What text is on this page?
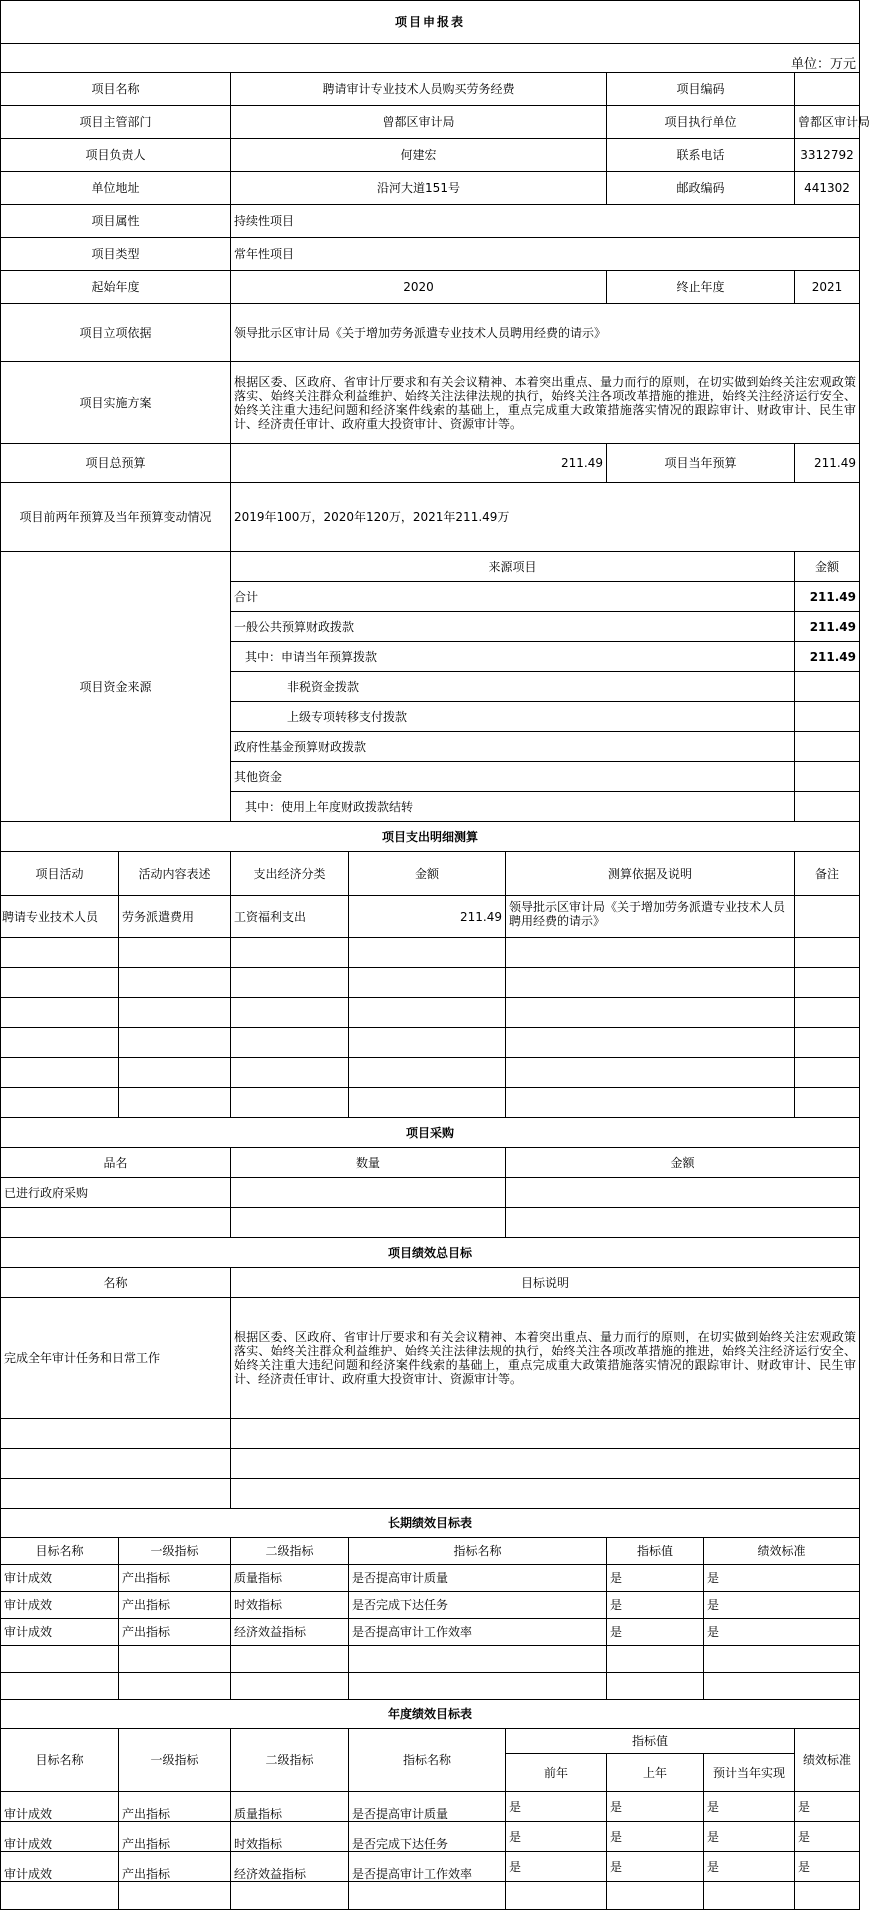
项目申报表							
单位：万元							
项目名称		聘请审计专业技术人员购买劳务经费			项目编码		
项目主管部门		曾都区审计局			项目执行单位		曾都区审计局
项目负责人		何建宏			联系电话		3312792
单位地址		沿河大道151号			邮政编码		441302
项目属性		持续性项目					
项目类型		常年性项目					
起始年度		2020			终止年度		2021
项目立项依据		领导批示区审计局《关于增加劳务派遣专业技术人员聘用经费的请示》					
项目实施方案		根据区委、区政府、省审计厅要求和有关会议精神、本着突出重点、量力而行的原则，在切实做到始终关注宏观政策落实、始终关注群众利益维护、始终关注法律法规的执行，始终关注各项改革措施的推进，始终关注经济运行安全、始终关注重大违纪问题和经济案件线索的基础上，重点完成重大政策措施落实情况的跟踪审计、财政审计、民生审计、经济责任审计、政府重大投资审计、资源审计等。					
项目总预算		211.49			项目当年预算		211.49
项目前两年预算及当年预算变动情况		2019年100万，2020年120万，2021年211.49万					
项目资金来源		来源项目					金额
		合计					211.49
		一般公共预算财政拨款					211.49
		其中：申请当年预算拨款					211.49
		非税资金拨款					
		上级专项转移支付拨款					
		政府性基金预算财政拨款					
		其他资金					
		其中：使用上年度财政拨款结转					
项目支出明细测算							
项目活动	活动内容表述	支出经济分类	金额	测算依据及说明			备注
聘请专业技术人员	劳务派遣费用	工资福利支出	211.49	领导批示区审计局《关于增加劳务派遣专业技术人员聘用经费的请示》			

项目采购							
品名		数量		金额			
已进行政府采购							

项目绩效总目标							
名称		目标说明					
完成全年审计任务和日常工作		根据区委、区政府、省审计厅要求和有关会议精神、本着突出重点、量力而行的原则，在切实做到始终关注宏观政策落实、始终关注群众利益维护、始终关注法律法规的执行，始终关注各项改革措施的推进，始终关注经济运行安全、始终关注重大违纪问题和经济案件线索的基础上，重点完成重大政策措施落实情况的跟踪审计、财政审计、民生审计、经济责任审计、政府重大投资审计、资源审计等。					

长期绩效目标表							
目标名称	一级指标	二级指标	指标名称		指标值	绩效标准	
审计成效	产出指标	质量指标	是否提高审计质量		是	是	
审计成效	产出指标	时效指标	是否完成下达任务		是	是	
审计成效	产出指标	经济效益指标	是否提高审计工作效率		是	是	

年度绩效目标表							
目标名称	一级指标	二级指标	指标名称	指标值			绩效标准
				前年	上年	预计当年实现	
审计成效	产出指标	质量指标	是否提高审计质量	是	是	是	是
审计成效	产出指标	时效指标	是否完成下达任务	是	是	是	是
审计成效	产出指标	经济效益指标	是否提高审计工作效率	是	是	是	是
